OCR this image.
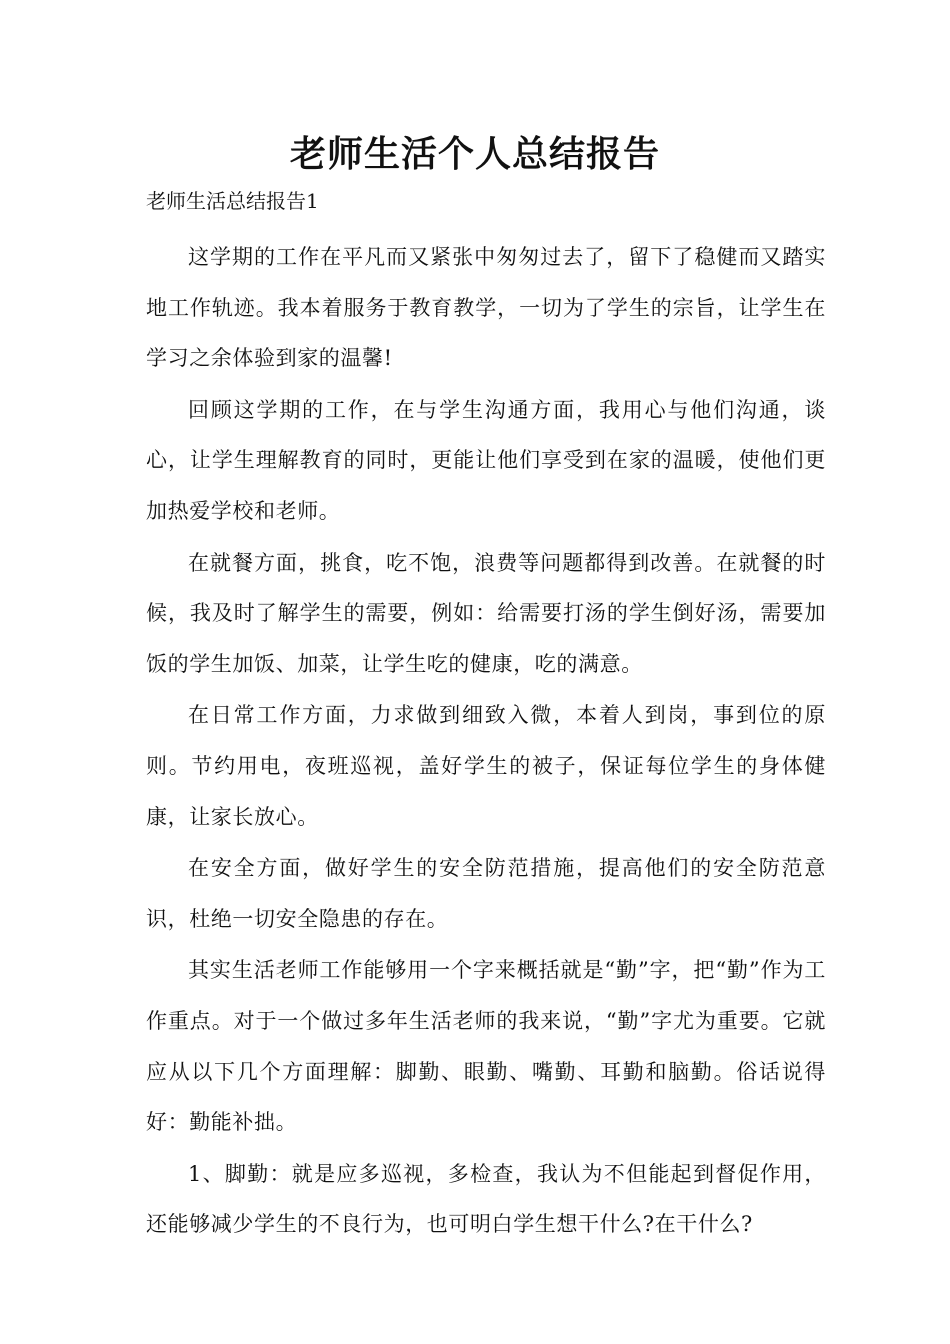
老师生活个人总结报告
老师生活总结报告1

这学期的工作在平凡而又紧张中匆匆过去了，留下了稳健而又踏实地工作轨迹。我本着服务于教育教学，一切为了学生的宗旨，让学生在学习之余体验到家的温馨!

回顾这学期的工作，在与学生沟通方面，我用心与他们沟通，谈心，让学生理解教育的同时，更能让他们享受到在家的温暖，使他们更加热爱学校和老师。

在就餐方面，挑食，吃不饱，浪费等问题都得到改善。在就餐的时候，我及时了解学生的需要，例如：给需要打汤的学生倒好汤，需要加饭的学生加饭、加菜，让学生吃的健康，吃的满意。

在日常工作方面，力求做到细致入微，本着人到岗，事到位的原则。节约用电，夜班巡视，盖好学生的被子，保证每位学生的身体健康，让家长放心。

在安全方面，做好学生的安全防范措施，提高他们的安全防范意识，杜绝一切安全隐患的存在。

其实生活老师工作能够用一个字来概括就是“勤”字，把“勤”作为工作重点。对于一个做过多年生活老师的我来说，“勤”字尤为重要。它就应从以下几个方面理解：脚勤、眼勤、嘴勤、耳勤和脑勤。俗话说得好：勤能补拙。

1、脚勤：就是应多巡视，多检查，我认为不但能起到督促作用，还能够减少学生的不良行为，也可明白学生想干什么?在干什么?
